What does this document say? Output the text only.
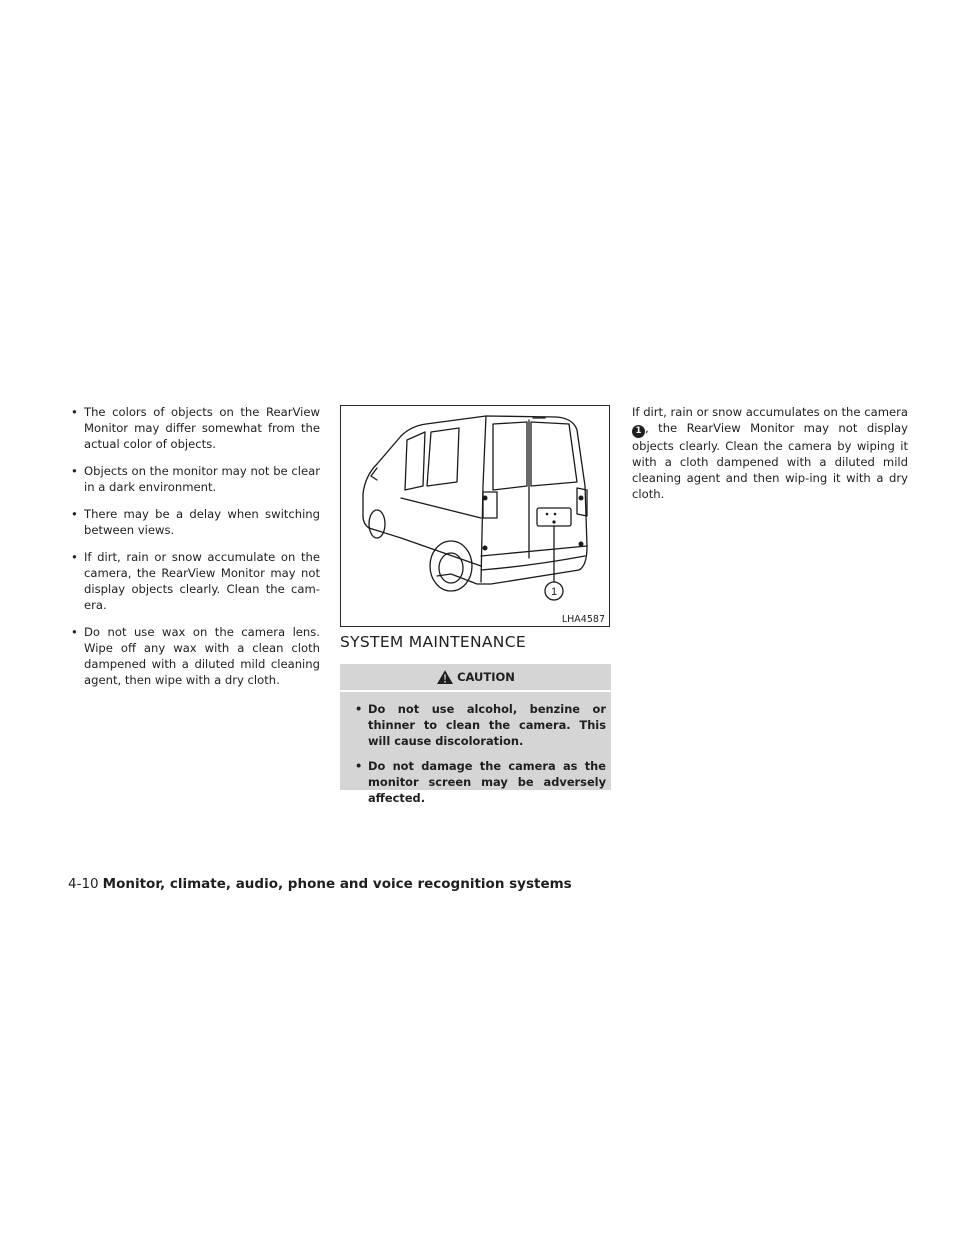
• The colors of objects on the RearView Monitor may differ somewhat from the actual color of objects.
• Objects on the monitor may not be clear in a dark environment.
• There may be a delay when switching between views.
• If dirt, rain or snow accumulate on the camera, the RearView Monitor may not display objects clearly. Clean the cam-era.
• Do not use wax on the camera lens. Wipe off any wax with a clean cloth dampened with a diluted mild cleaning agent, then wipe with a dry cloth.
1
LHA4587
SYSTEM MAINTENANCE
CAUTION
• Do not use alcohol, benzine or thinner to clean the camera. This will cause discoloration.
• Do not damage the camera as the monitor screen may be adversely affected.

If dirt, rain or snow accumulates on the camera 1 , the RearView Monitor may not display objects clearly. Clean the camera by wiping it with a cloth dampened with a diluted mild cleaning agent and then wip-ing it with a dry cloth.

4-10 Monitor, climate, audio, phone and voice recognition systems
